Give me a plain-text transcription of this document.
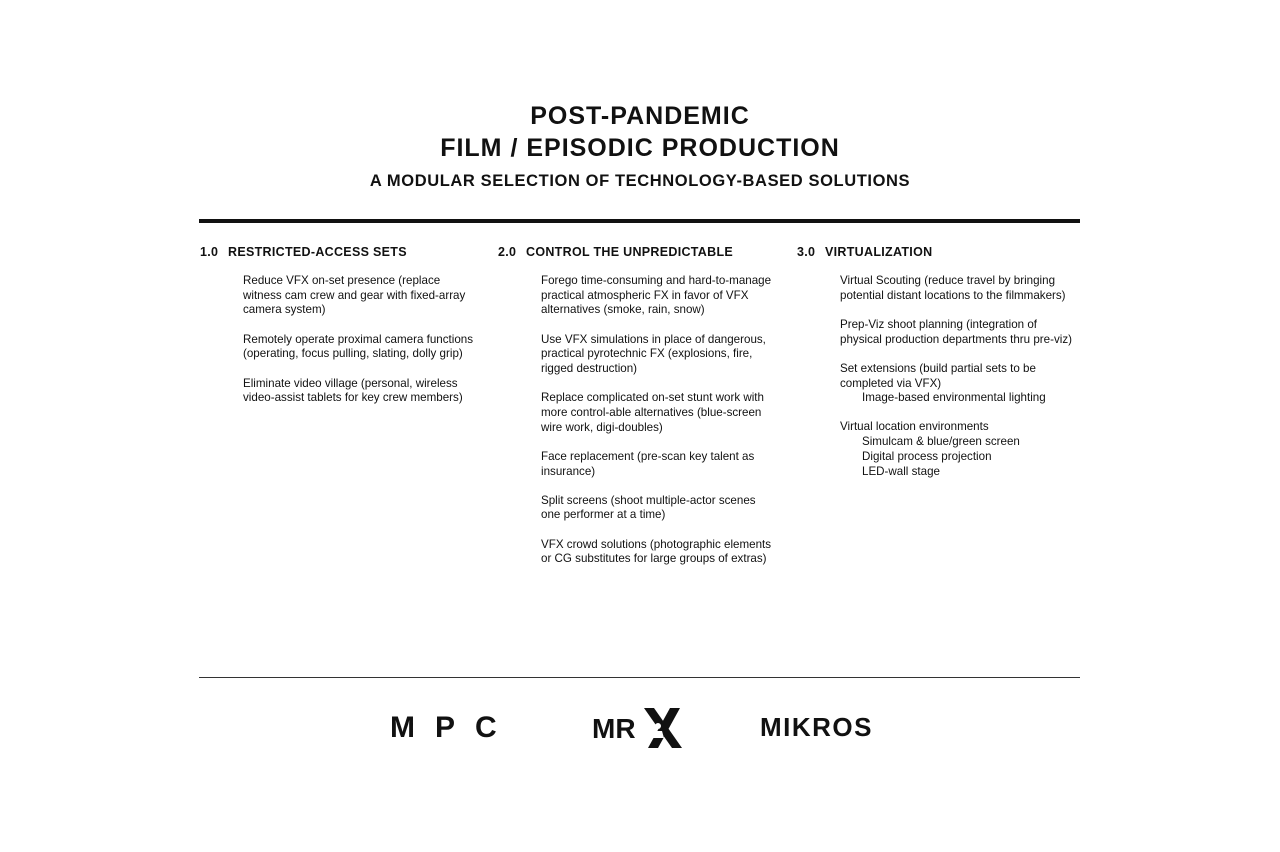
POST-PANDEMIC
FILM / EPISODIC PRODUCTION
A MODULAR SELECTION OF TECHNOLOGY-BASED SOLUTIONS
1.0 RESTRICTED-ACCESS SETS
Reduce VFX on-set presence (replace witness cam crew and gear with fixed-array camera system)
Remotely operate proximal camera functions (operating, focus pulling, slating, dolly grip)
Eliminate video village (personal, wireless video-assist tablets for key crew members)
2.0 CONTROL THE UNPREDICTABLE
Forego time-consuming and hard-to-manage practical atmospheric FX in favor of VFX alternatives (smoke, rain, snow)
Use VFX simulations in place of dangerous, practical pyrotechnic FX (explosions, fire, rigged destruction)
Replace complicated on-set stunt work with more control-able alternatives (blue-screen wire work, digi-doubles)
Face replacement (pre-scan key talent as insurance)
Split screens (shoot multiple-actor scenes one performer at a time)
VFX crowd solutions (photographic elements or CG substitutes for large groups of extras)
3.0 VIRTUALIZATION
Virtual Scouting (reduce travel by bringing potential distant locations to the filmmakers)
Prep-Viz shoot planning (integration of physical production departments thru pre-viz)
Set extensions (build partial sets to be completed via VFX)
Image-based environmental lighting
Virtual location environments
Simulcam & blue/green screen
Digital process projection
LED-wall stage
MPC	MR	MIKROS
